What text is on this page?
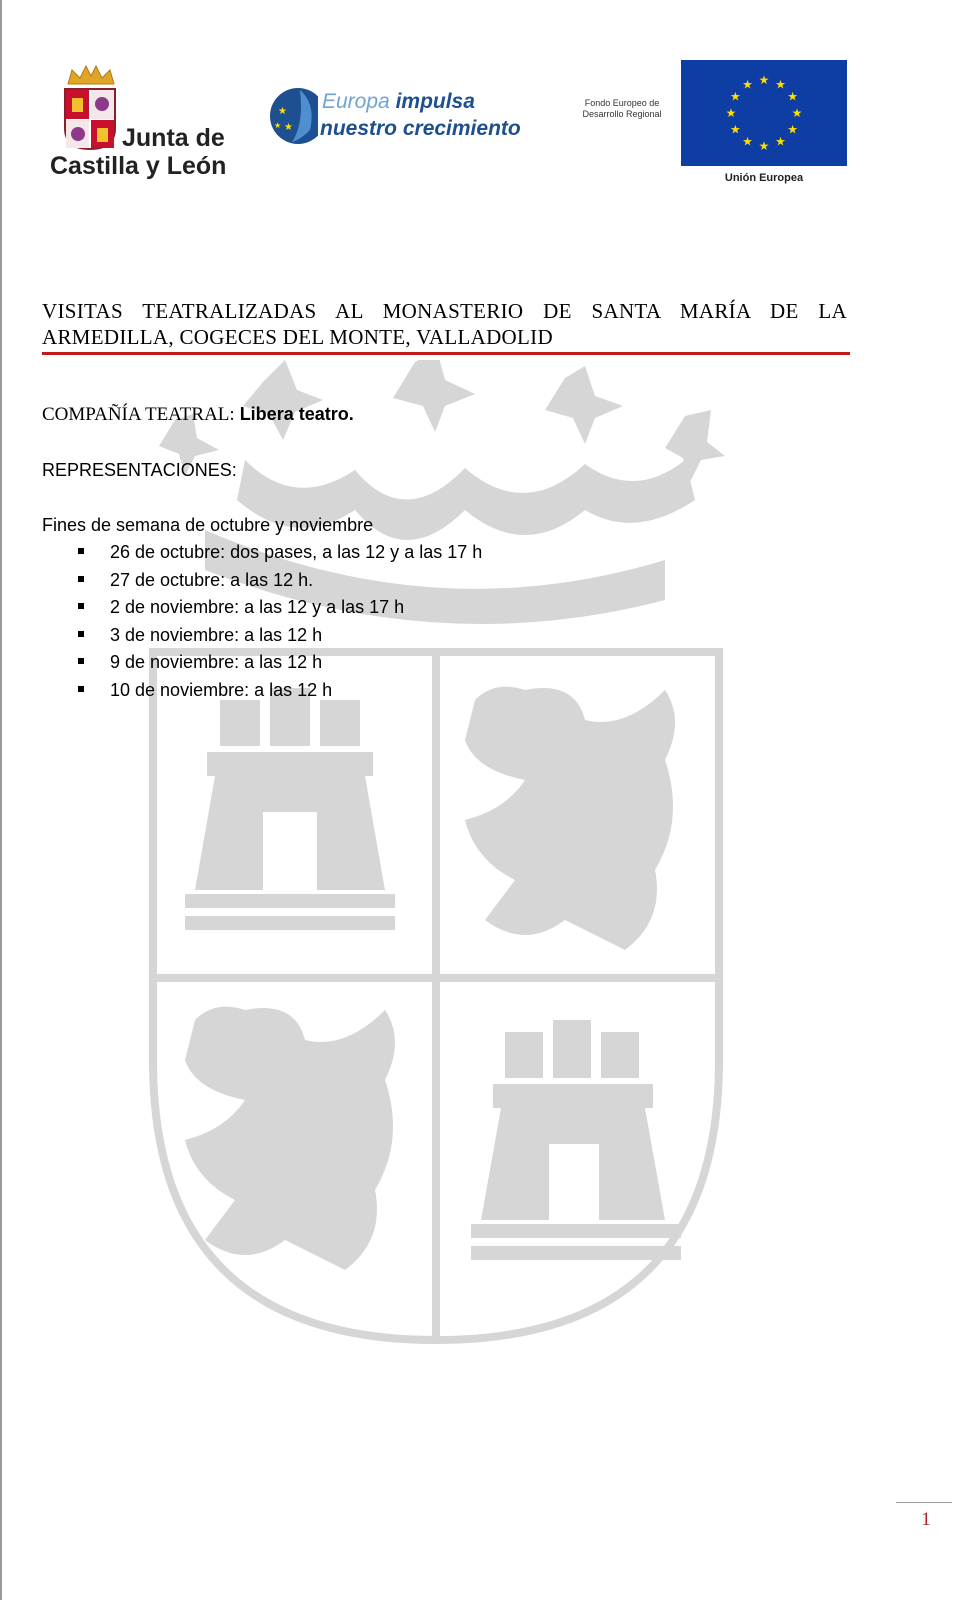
Junta de
Castilla y León
★
★
★
Europa impulsa
nuestro crecimiento
Fondo Europeo de
Desarrollo Regional
★ ★
★
★
★
★
★
★
★
★
★
★
Unión Europea
VISITAS TEATRALIZADAS AL MONASTERIO DE SANTA MARÍA DE LA ARMEDILLA, COGECES DEL MONTE, VALLADOLID
COMPAÑÍA TEATRAL: Libera teatro.
REPRESENTACIONES:
Fines de semana de octubre y noviembre
26 de octubre: dos pases, a las 12 y a las 17 h
27 de octubre: a las 12 h.
2 de noviembre: a las 12 y a las 17 h
3 de noviembre: a las 12 h
9 de noviembre: a las 12 h
10 de noviembre: a las 12 h
1
